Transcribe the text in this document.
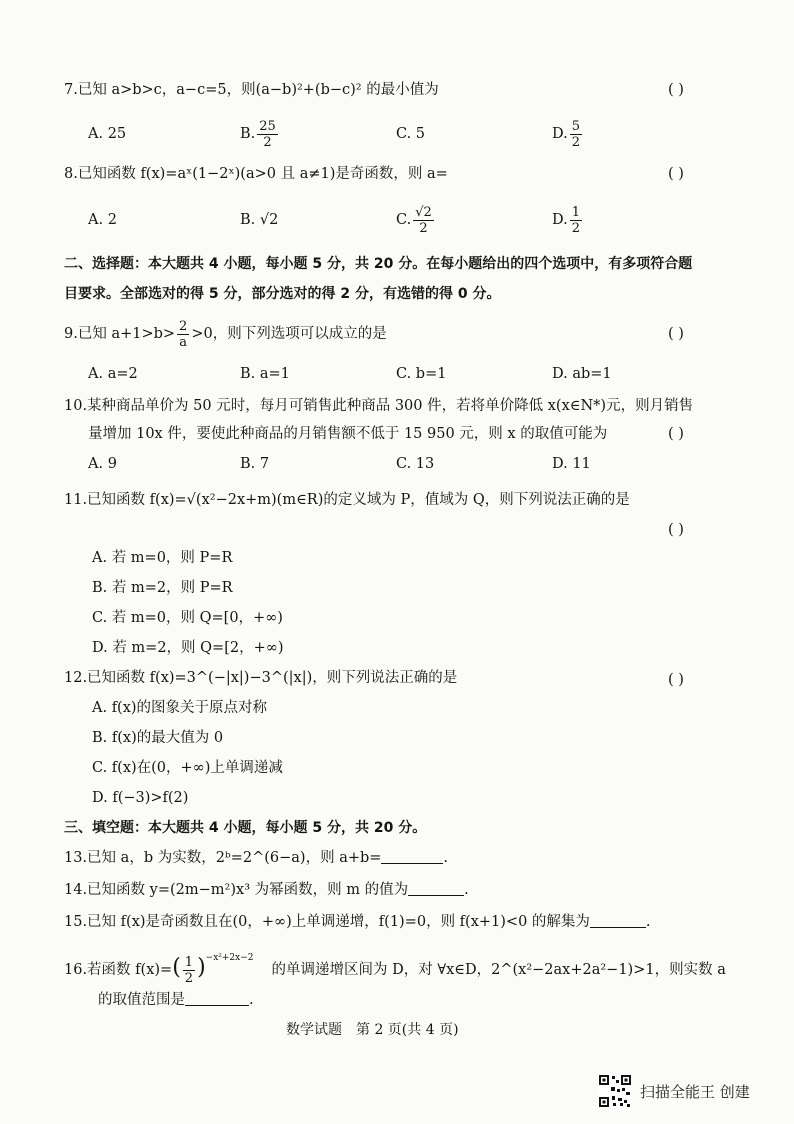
7.已知 a>b>c，a−c=5，则(a−b)²+(b−c)² 的最小值为	( )
A. 25	B. $\frac{25}{2}$	C. 5	D. $\frac{5}{2}$
8.已知函数 f(x)=aˣ(1−2ˣ)(a>0 且 a≠1)是奇函数，则 a=	( )
A. 2	B. √2	C. $\frac{√2}{2}$	D. $\frac{1}{2}$
二、选择题：本大题共 4 小题，每小题 5 分，共 20 分。在每小题给出的四个选项中，有多项符合题
目要求。全部选对的得 5 分，部分选对的得 2 分，有选错的得 0 分。
9.已知 $a+1>b> \frac{2}{a} >0$，则下列选项可以成立的是	( )
A. a=2	B. a=1	C. b=1	D. ab=1
10.某种商品单价为 50 元时，每月可销售此种商品 300 件，若将单价降低 x(x∈N*)元，则月销售
量增加 10x 件，要使此种商品的月销售额不低于 15 950 元，则 x 的取值可能为	( )
A. 9	B. 7	C. 13	D. 11
11.已知函数 f(x)=√(x²−2x+m)(m∈R)的定义域为 P，值域为 Q，则下列说法正确的是
( )
A. 若 m=0，则 P=R
B. 若 m=2，则 P=R
C. 若 m=0，则 Q=[0，+∞)
D. 若 m=2，则 Q=[2，+∞)
12.已知函数 f(x)=3^(−|x|)−3^(|x|)，则下列说法正确的是	( )
A. f(x)的图象关于原点对称
B. f(x)的最大值为 0
C. f(x)在(0，+∞)上单调递减
D. f(−3)>f(2)
三、填空题：本大题共 4 小题，每小题 5 分，共 20 分。
13.已知 a，b 为实数，2ᵇ=2^(6−a)，则 a+b=	.
14.已知函数 y=(2m−m²)x³ 为幂函数，则 m 的值为	.
15.已知 f(x)是奇函数且在(0，+∞)上单调递增，f(1)=0，则 f(x+1)<0 的解集为	.
16.若函数 $f(x)=( \frac{1}{2} )^{-x^2+2x-2}$的单调递增区间为 D，对 ∀x∈D，2^(x²−2ax+2a²−1)>1，则实数 a
的取值范围是	.
数学试题　第 2 页(共 4 页)
扫描全能王 创建
